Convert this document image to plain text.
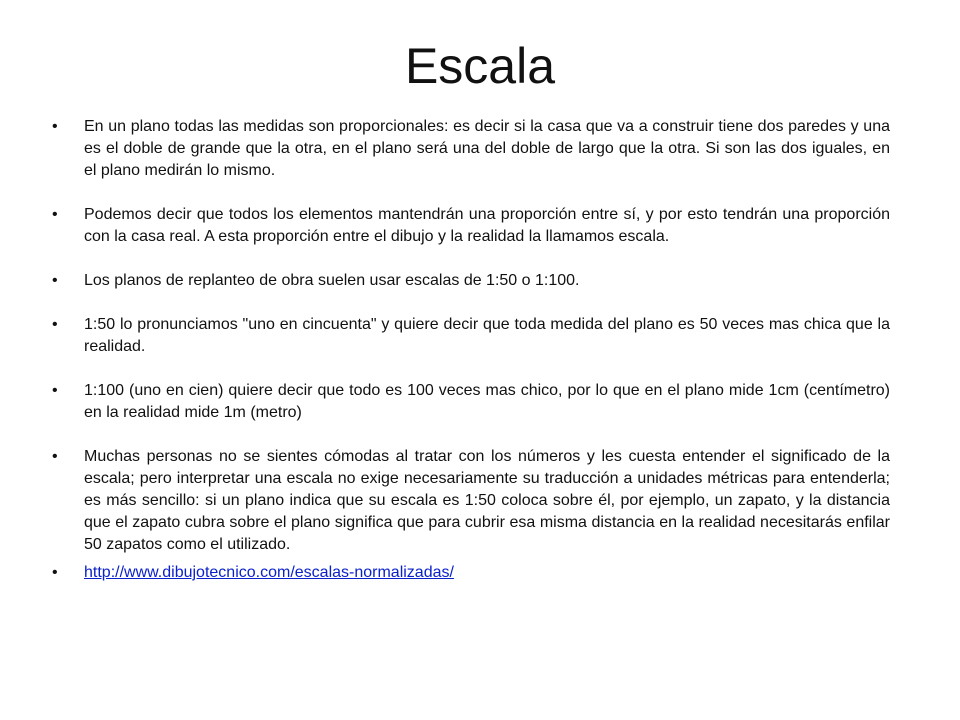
Escala
• En un plano todas las medidas son proporcionales: es decir si la casa que va a construir tiene dos paredes y una es el doble de grande que la otra, en el plano será una del doble de largo que la otra. Si son las dos iguales, en el plano medirán lo mismo.
• Podemos decir que todos los elementos mantendrán una proporción entre sí, y por esto tendrán una proporción con la casa real. A esta proporción entre el dibujo y la realidad la llamamos escala.
• Los planos de replanteo de obra suelen usar escalas de 1:50 o 1:100.
• 1:50 lo pronunciamos "uno en cincuenta" y quiere decir que toda medida del plano es 50 veces mas chica que la realidad.
• 1:100 (uno en cien) quiere decir que todo es 100 veces mas chico, por lo que en el plano mide 1cm (centímetro) en la realidad mide 1m (metro)
• Muchas personas no se sientes cómodas al tratar con los números y les cuesta entender el significado de la escala; pero interpretar una escala no exige necesariamente su traducción a unidades métricas para entenderla; es más sencillo: si un plano indica que su escala es 1:50 coloca sobre él, por ejemplo, un zapato, y la distancia que el zapato cubra sobre el plano significa que para cubrir esa misma distancia en la realidad necesitarás enfilar 50 zapatos como el utilizado.
• http://www.dibujotecnico.com/escalas-normalizadas/
